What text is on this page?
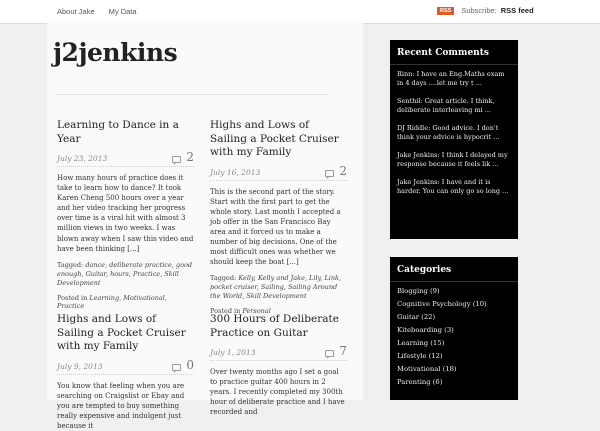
About Jake My Data	RSS Subscribe: RSS feed
j2jenkins
Learning to Dance in a Year
July 23, 2013	2
How many hours of practice does it take to learn how to dance? It took Karen Cheng 500 hours over a year and her video tracking her progress over time is a viral hit with almost 3 million views in two weeks. I was blown away when I saw this video and have been thinking [...]
Tagged: dance, deliberate practice, good enough, Guitar, hours, Practice, Skill Development
Posted in Learning, Motivational, Practice
Highs and Lows of Sailing a Pocket Cruiser with my Family
July 16, 2013	2
This is the second part of the story. Start with the first part to get the whole story. Last month I accepted a job offer in the San Francisco Bay area and it forced us to make a number of big decisions. One of the most difficult ones was whether we should keep the boat [...]
Tagged: Kelly, Kelly and Jake, Lily, Link, pocket cruiser, Sailing, Sailing Around the World, Skill Development
Posted in Personal
Highs and Lows of Sailing a Pocket Cruiser with my Family
July 9, 2013	0
You know that feeling when you are searching on Craigslist or Ebay and you are tempted to buy something really expensive and indulgent just because it
300 Hours of Deliberate Practice on Guitar
July 1, 2013	7
Over twenty months ago I set a goal to practice guitar 400 hours in 2 years. I recently completed my 300th hour of deliberate practice and I have recorded and
Recent Comments
Rinn: I have an Eng.Maths exam in 4 days ....let me try t ...
Senthil: Great article. I think, deliberate interleaving mi ...
DJ Riddle: Good advice. I don't think your advice is hypocrit ...
Jake Jenkins: I think I delayed my response because it feels lik ...
Jake Jenkins: I have and it is harder. You can only go so long ...
Categories
Blogging (9)
Cognitive Psychology (10)
Guitar (22)
Kiteboarding (3)
Learning (15)
Lifestyle (12)
Motivational (18)
Parenting (6)
